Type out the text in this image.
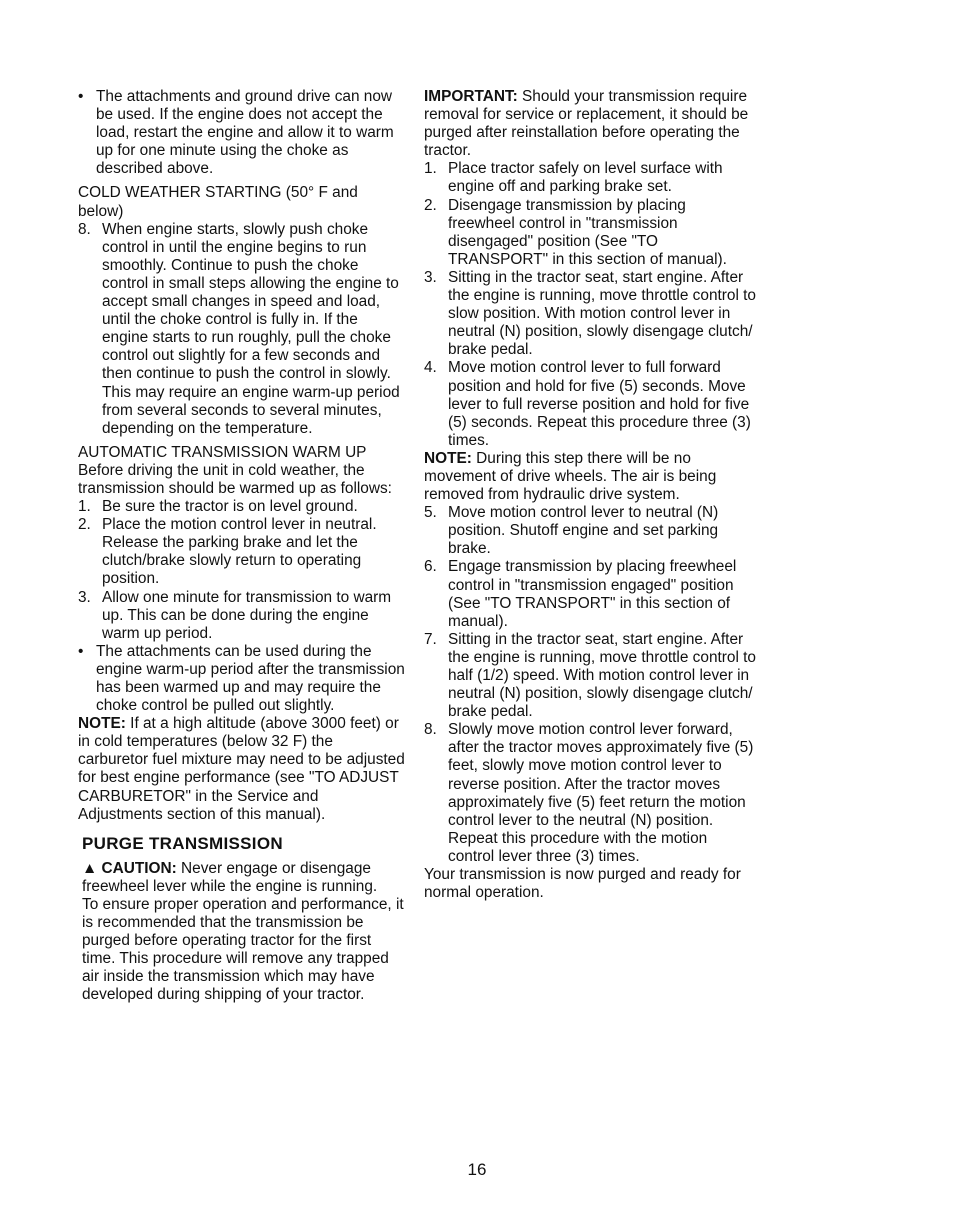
• The attachments and ground drive can now be used. If the engine does not accept the load, restart the engine and allow it to warm up for one minute using the choke as described above.

COLD WEATHER STARTING (50° F and below)

8. When engine starts, slowly push choke control in until the engine begins to run smoothly. Continue to push the choke control in small steps allowing the engine to accept small changes in speed and load, until the choke control is fully in. If the engine starts to run roughly, pull the choke control out slightly for a few seconds and then continue to push the control in slowly. This may require an engine warm-up period from several seconds to several minutes, depending on the temperature.

AUTOMATIC TRANSMISSION WARM UP

Before driving the unit in cold weather, the transmission should be warmed up as follows:

1. Be sure the tractor is on level ground.

2. Place the motion control lever in neutral. Release the parking brake and let the clutch/brake slowly return to operating position.

3. Allow one minute for transmission to warm up. This can be done during the engine warm up period.

• The attachments can be used during the engine warm-up period after the transmission has been warmed up and may require the choke control be pulled out slightly.

NOTE: If at a high altitude (above 3000 feet) or in cold temperatures (below 32 F) the carburetor fuel mixture may need to be adjusted for best engine performance (see "TO ADJUST CARBURETOR" in the Service and Adjustments section of this manual).

PURGE TRANSMISSION

▲ CAUTION: Never engage or disengage freewheel lever while the engine is running.

To ensure proper operation and performance, it is recommended that the transmission be purged before operating tractor for the first time. This procedure will remove any trapped air inside the transmission which may have developed during shipping of your tractor.

IMPORTANT: Should your transmission require removal for service or replacement, it should be purged after reinstallation before operating the tractor.

1. Place tractor safely on level surface with engine off and parking brake set.

2. Disengage transmission by placing freewheel control in "transmission disengaged" position (See "TO TRANSPORT" in this section of manual).

3. Sitting in the tractor seat, start engine. After the engine is running, move throttle control to slow position. With motion control lever in neutral (N) position, slowly disengage clutch/ brake pedal.

4. Move motion control lever to full forward position and hold for five (5) seconds. Move lever to full reverse position and hold for five (5) seconds. Repeat this procedure three (3) times.

NOTE: During this step there will be no movement of drive wheels. The air is being removed from hydraulic drive system.

5. Move motion control lever to neutral (N) position. Shutoff engine and set parking brake.

6. Engage transmission by placing freewheel control in "transmission engaged" position (See "TO TRANSPORT" in this section of manual).

7. Sitting in the tractor seat, start engine. After the engine is running, move throttle control to half (1/2) speed. With motion control lever in neutral (N) position, slowly disengage clutch/ brake pedal.

8. Slowly move motion control lever forward, after the tractor moves approximately five (5) feet, slowly move motion control lever to reverse position. After the tractor moves approximately five (5) feet return the motion control lever to the neutral (N) position. Repeat this procedure with the motion control lever three (3) times.

Your transmission is now purged and ready for normal operation.

16
